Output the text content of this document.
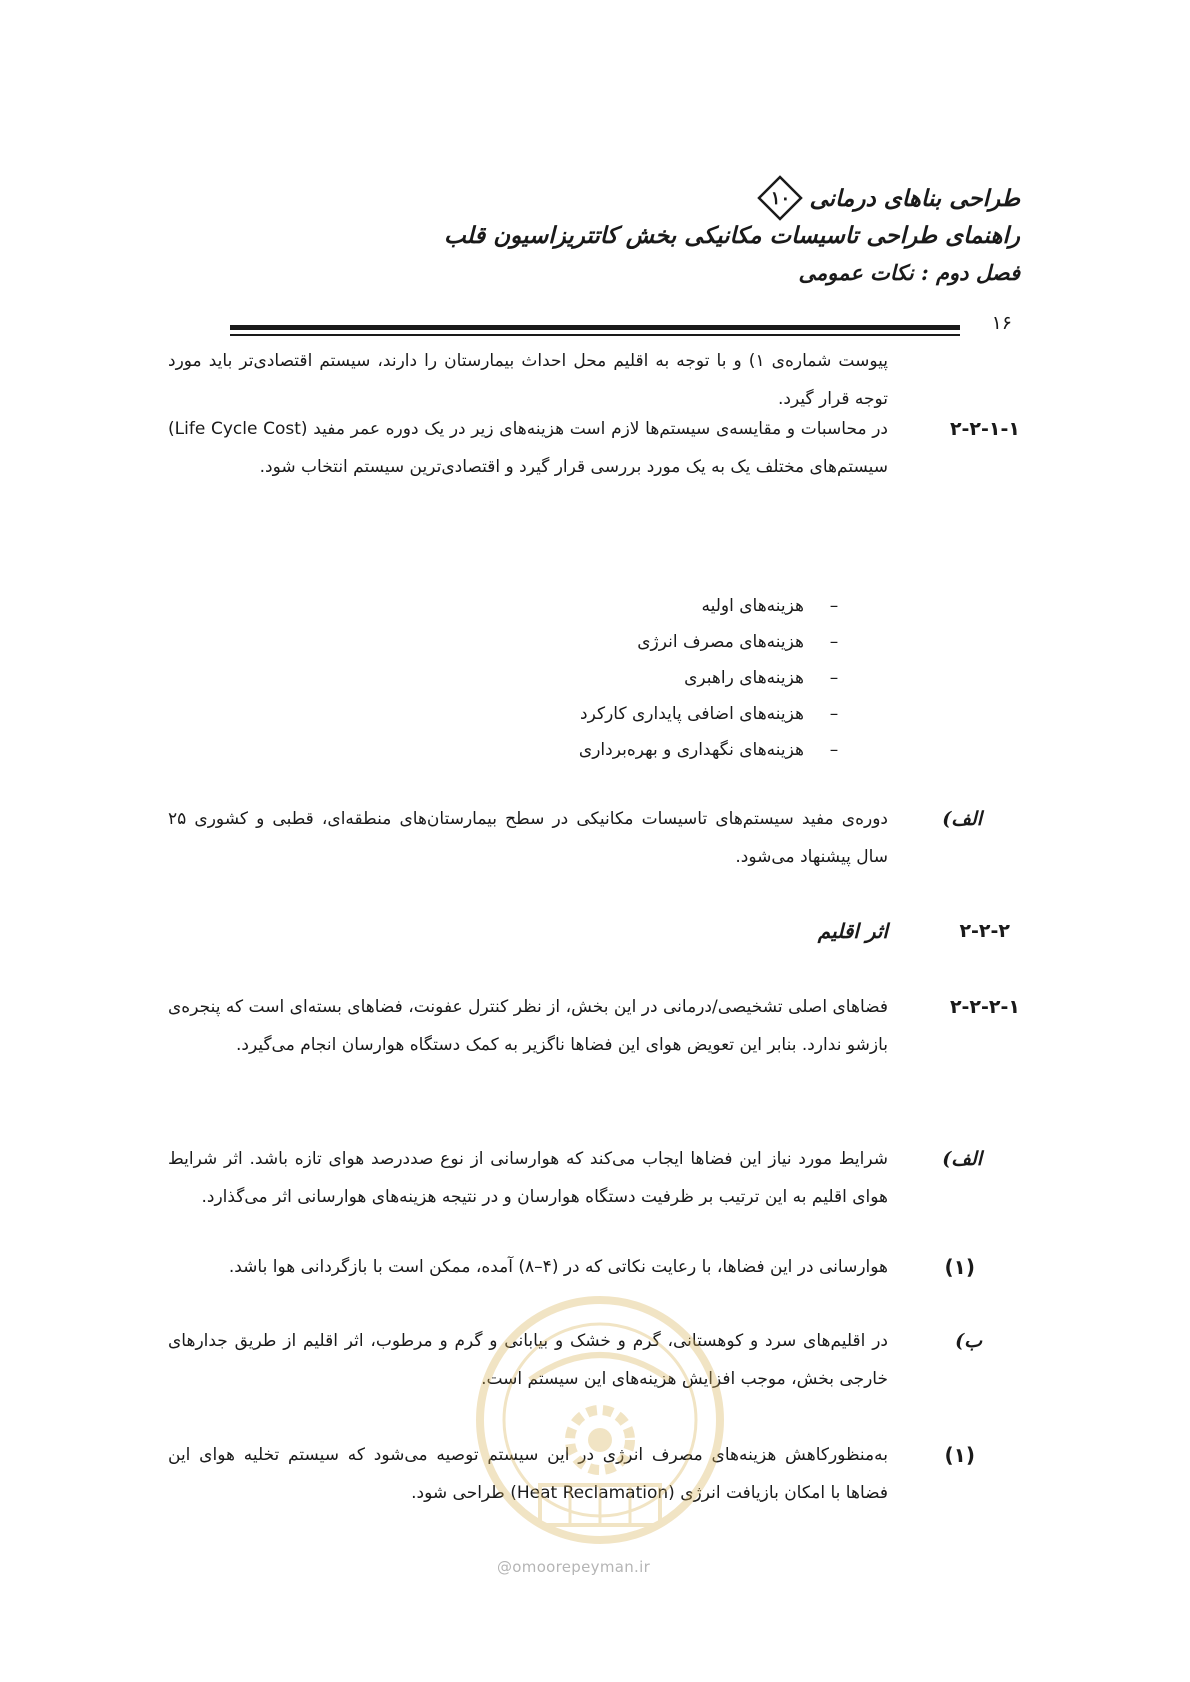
طراحی بناهای درمانی
۱۰
راهنمای طراحی تاسیسات مکانیکی بخش کاتتریزاسیون قلب
فصل دوم : نکات عمومی
۱۶
پیوست شماره‌ی ۱) و با توجه به اقلیم محل احداث بیمارستان را دارند، سیستم اقتصادی‌تر باید مورد توجه قرار گیرد.
۲-۲-۱-۱
در محاسبات و مقایسه‌ی سیستم‌ها لازم است هزینه‌های زیر در یک دوره عمر مفید (Life Cycle Cost) سیستم‌های مختلف یک به یک مورد بررسی قرار گیرد و اقتصادی‌ترین سیستم انتخاب شود.
–
هزینه‌های اولیه
–
هزینه‌های مصرف انرژی
–
هزینه‌های راهبری
–
هزینه‌های اضافی پایداری کارکرد
–
هزینه‌های نگهداری و بهره‌برداری
الف)
دوره‌ی مفید سیستم‌های تاسیسات مکانیکی در سطح بیمارستان‌های منطقه‌ای، قطبی و کشوری ۲۵ سال پیشنهاد می‌شود.
۲-۲-۲
اثر اقلیم
۲-۲-۲-۱
فضاهای اصلی تشخیصی/درمانی در این بخش، از نظر کنترل عفونت، فضاهای بسته‌ای است که پنجره‌ی بازشو ندارد. بنابر این تعویض هوای این فضاها ناگزیر به کمک دستگاه هوارسان انجام می‌گیرد.
الف)
شرایط مورد نیاز این فضاها ایجاب می‌کند که هوارسانی از نوع صددرصد هوای تازه باشد. اثر شرایط هوای اقلیم به این ترتیب بر ظرفیت دستگاه هوارسان و در نتیجه هزینه‌های هوارسانی اثر می‌گذارد.
(۱)
هوارسانی در این فضاها، با رعایت نکاتی که در (۴–۸) آمده، ممکن است با بازگردانی هوا باشد.
ب)
در اقلیم‌های سرد و کوهستانی، گرم و خشک و بیابانی و گرم و مرطوب، اثر اقلیم از طریق جدارهای خارجی بخش، موجب افزایش هزینه‌های این سیستم است.
(۱)
به‌منظورکاهش هزینه‌های مصرف انرژی در این سیستم توصیه می‌شود که سیستم تخلیه هوای این فضاها با امکان بازیافت انرژی (Heat Reclamation) طراحی شود.
@omoorepeyman.ir
